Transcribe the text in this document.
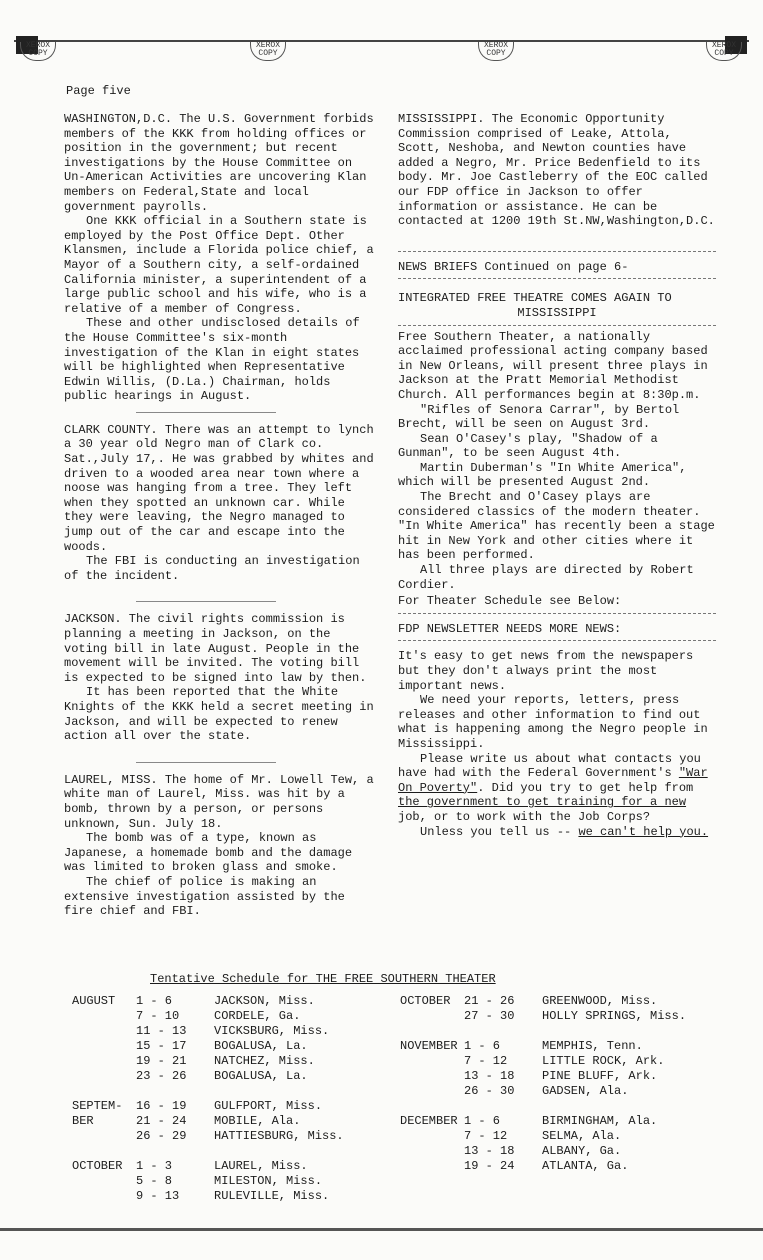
XEROX COPY
XEROX COPY
XEROX COPY
XEROX COPY
Page five

WASHINGTON,D.C. The U.S. Government forbids members of the KKK from holding offices or position in the government; but recent investigations by the House Committee on Un-American Activities are uncovering Klan members on Federal,State and local government payrolls.

One KKK official in a Southern state is employed by the Post Office Dept. Other Klansmen, include a Florida police chief, a Mayor of a Southern city, a self-ordained California minister, a superintendent of a large public school and his wife, who is a relative of a member of Congress.

These and other undisclosed details of the House Committee's six-month investigation of the Klan in eight states will be highlighted when Representative Edwin Willis, (D.La.) Chairman, holds public hearings in August.

CLARK COUNTY. There was an attempt to lynch a 30 year old Negro man of Clark co. Sat.,July 17,. He was grabbed by whites and driven to a wooded area near town where a noose was hanging from a tree. They left when they spotted an unknown car. While they were leaving, the Negro managed to jump out of the car and escape into the woods.

The FBI is conducting an investigation of the incident.

JACKSON. The civil rights commission is planning a meeting in Jackson, on the voting bill in late August. People in the movement will be invited. The voting bill is expected to be signed into law by then.

It has been reported that the White Knights of the KKK held a secret meeting in Jackson, and will be expected to renew action all over the state.

LAUREL, MISS. The home of Mr. Lowell Tew, a white man of Laurel, Miss. was hit by a bomb, thrown by a person, or persons unknown, Sun. July 18.

The bomb was of a type, known as Japanese, a homemade bomb and the damage was limited to broken glass and smoke.

The chief of police is making an extensive investigation assisted by the fire chief and FBI.

MISSISSIPPI. The Economic Opportunity Commission comprised of Leake, Attola, Scott, Neshoba, and Newton counties have added a Negro, Mr. Price Bedenfield to its body. Mr. Joe Castleberry of the EOC called our FDP office in Jackson to offer information or assistance. He can be contacted at 1200 19th St.NW,Washington,D.C.

NEWS BRIEFS Continued on page 6-

INTEGRATED FREE THEATRE COMES AGAIN TO

MISSISSIPPI

Free Southern Theater, a nationally acclaimed professional acting company based in New Orleans, will present three plays in Jackson at the Pratt Memorial Methodist Church. All performances begin at 8:30p.m.

"Rifles of Senora Carrar", by Bertol Brecht, will be seen on August 3rd.

Sean O'Casey's play, "Shadow of a Gunman", to be seen August 4th.

Martin Duberman's "In White America", which will be presented August 2nd.

The Brecht and O'Casey plays are considered classics of the modern theater. "In White America" has recently been a stage hit in New York and other cities where it has been performed.

All three plays are directed by Robert Cordier.

For Theater Schedule see Below:

FDP NEWSLETTER NEEDS MORE NEWS:

It's easy to get news from the newspapers but they don't always print the most important news.

We need your reports, letters, press releases and other information to find out what is happening among the Negro people in Mississippi.

Please write us about what contacts you have had with the Federal Government's "War On Poverty". Did you try to get help from the government to get training for a new job, or to work with the Job Corps?

Unless you tell us -- we can't help you.

Tentative Schedule for THE FREE SOUTHERN THEATER
AUGUST	1 - 6	JACKSON, Miss.
7 - 10	CORDELE, Ga.
11 - 13	VICKSBURG, Miss.
15 - 17	BOGALUSA, La.
19 - 21	NATCHEZ, Miss.
23 - 26	BOGALUSA, La.
SEPTEM-	16 - 19	GULFPORT, Miss.
BER	21 - 24	MOBILE, Ala.
26 - 29	HATTIESBURG, Miss.
OCTOBER	1 - 3	LAUREL, Miss.
5 - 8	MILESTON, Miss.
9 - 13	RULEVILLE, Miss.
OCTOBER	21 - 26	GREENWOOD, Miss.
27 - 30	HOLLY SPRINGS, Miss.
NOVEMBER 1 - 6	MEMPHIS, Tenn.
7 - 12	LITTLE ROCK, Ark.
13 - 18	PINE BLUFF, Ark.
26 - 30	GADSEN, Ala.
DECEMBER 1 - 6	BIRMINGHAM, Ala.
7 - 12	SELMA, Ala.
13 - 18	ALBANY, Ga.
19 - 24	ATLANTA, Ga.
